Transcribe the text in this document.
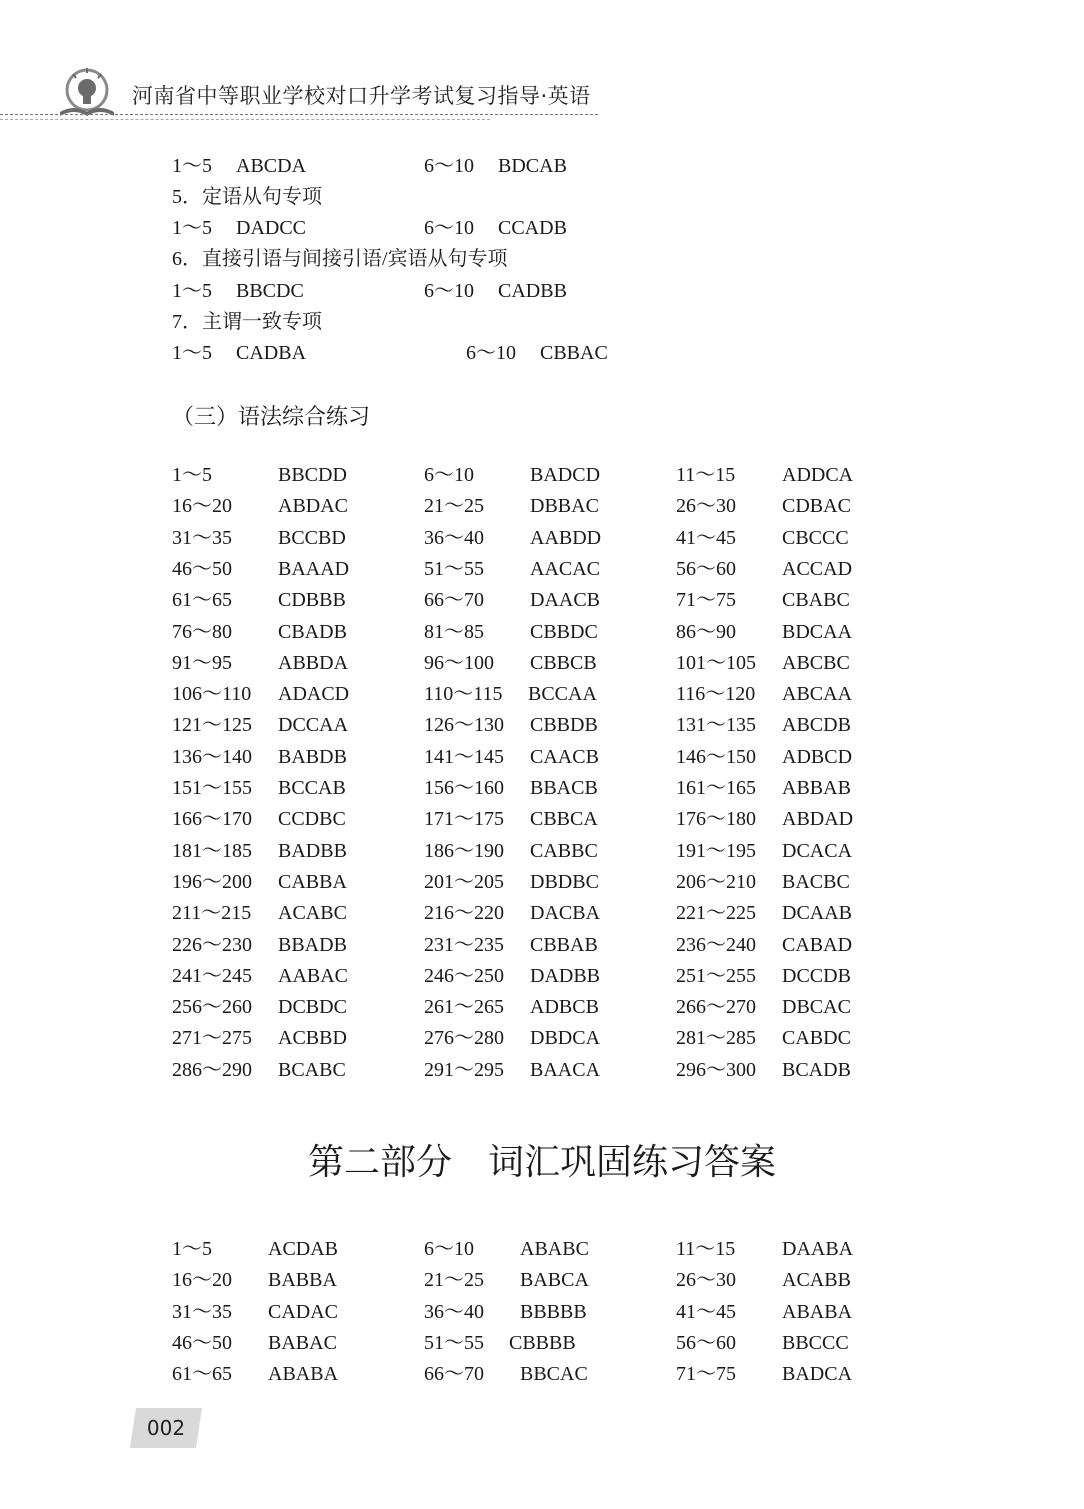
河南省中等职业学校对口升学考试复习指导·英语
1～5 ABCDA	6～10 BDCAB
5．定语从句专项
1～5 DADCC	6～10 CCADB
6．直接引语与间接引语/宾语从句专项
1～5 BBCDC	6～10 CADBB
7．主谓一致专项
1～5 CADBA	6～10 CBBAC
（三）语法综合练习
1～5	BBCDD	6～10	BADCD	11～15 ADDCA
16～20 ABDAC	21～25 DBBAC	26～30 CDBAC
31～35 BCCBD	36～40 AABDD	41～45 CBCCC
46～50 BAAAD	51～55 AACAC	56～60 ACCAD
61～65 CDBBB	66～70 DAACB	71～75 CBABC
76～80 CBADB	81～85 CBBDC	86～90 BDCAA
91～95 ABBDA	96～100 CBBCB	101～105 ABCBC
106～110 ADACD	110～115 BCCAA	116～120 ABCAA
121～125 DCCAA	126～130 CBBDB	131～135 ABCDB
136～140 BABDB	141～145 CAACB	146～150 ADBCD
151～155 BCCAB	156～160 BBACB	161～165 ABBAB
166～170 CCDBC	171～175 CBBCA	176～180 ABDAD
181～185 BADBB	186～190 CABBC	191～195 DCACA
196～200 CABBA	201～205 DBDBC	206～210 BACBC
211～215 ACABC	216～220 DACBA	221～225 DCAAB
226～230 BBADB	231～235 CBBAB	236～240 CABAD
241～245 AABAC	246～250 DADBB	251～255 DCCDB
256～260 DCBDC	261～265 ADBCB	266～270 DBCAC
271～275 ACBBD	276～280 DBDCA	281～285 CABDC
286～290 BCABC	291～295 BAACA	296～300 BCADB
第二部分　词汇巩固练习答案
1～5	ACDAB	6～10 ABABC	11～15 DAABA
16～20 BABBA	21～25 BABCA	26～30 ACABB
31～35 CADAC	36～40 BBBBB	41～45 ABABA
46～50 BABAC	51～55 CBBBB	56～60 BBCCC
61～65 ABABA	66～70 BBCAC	71～75 BADCA
002
